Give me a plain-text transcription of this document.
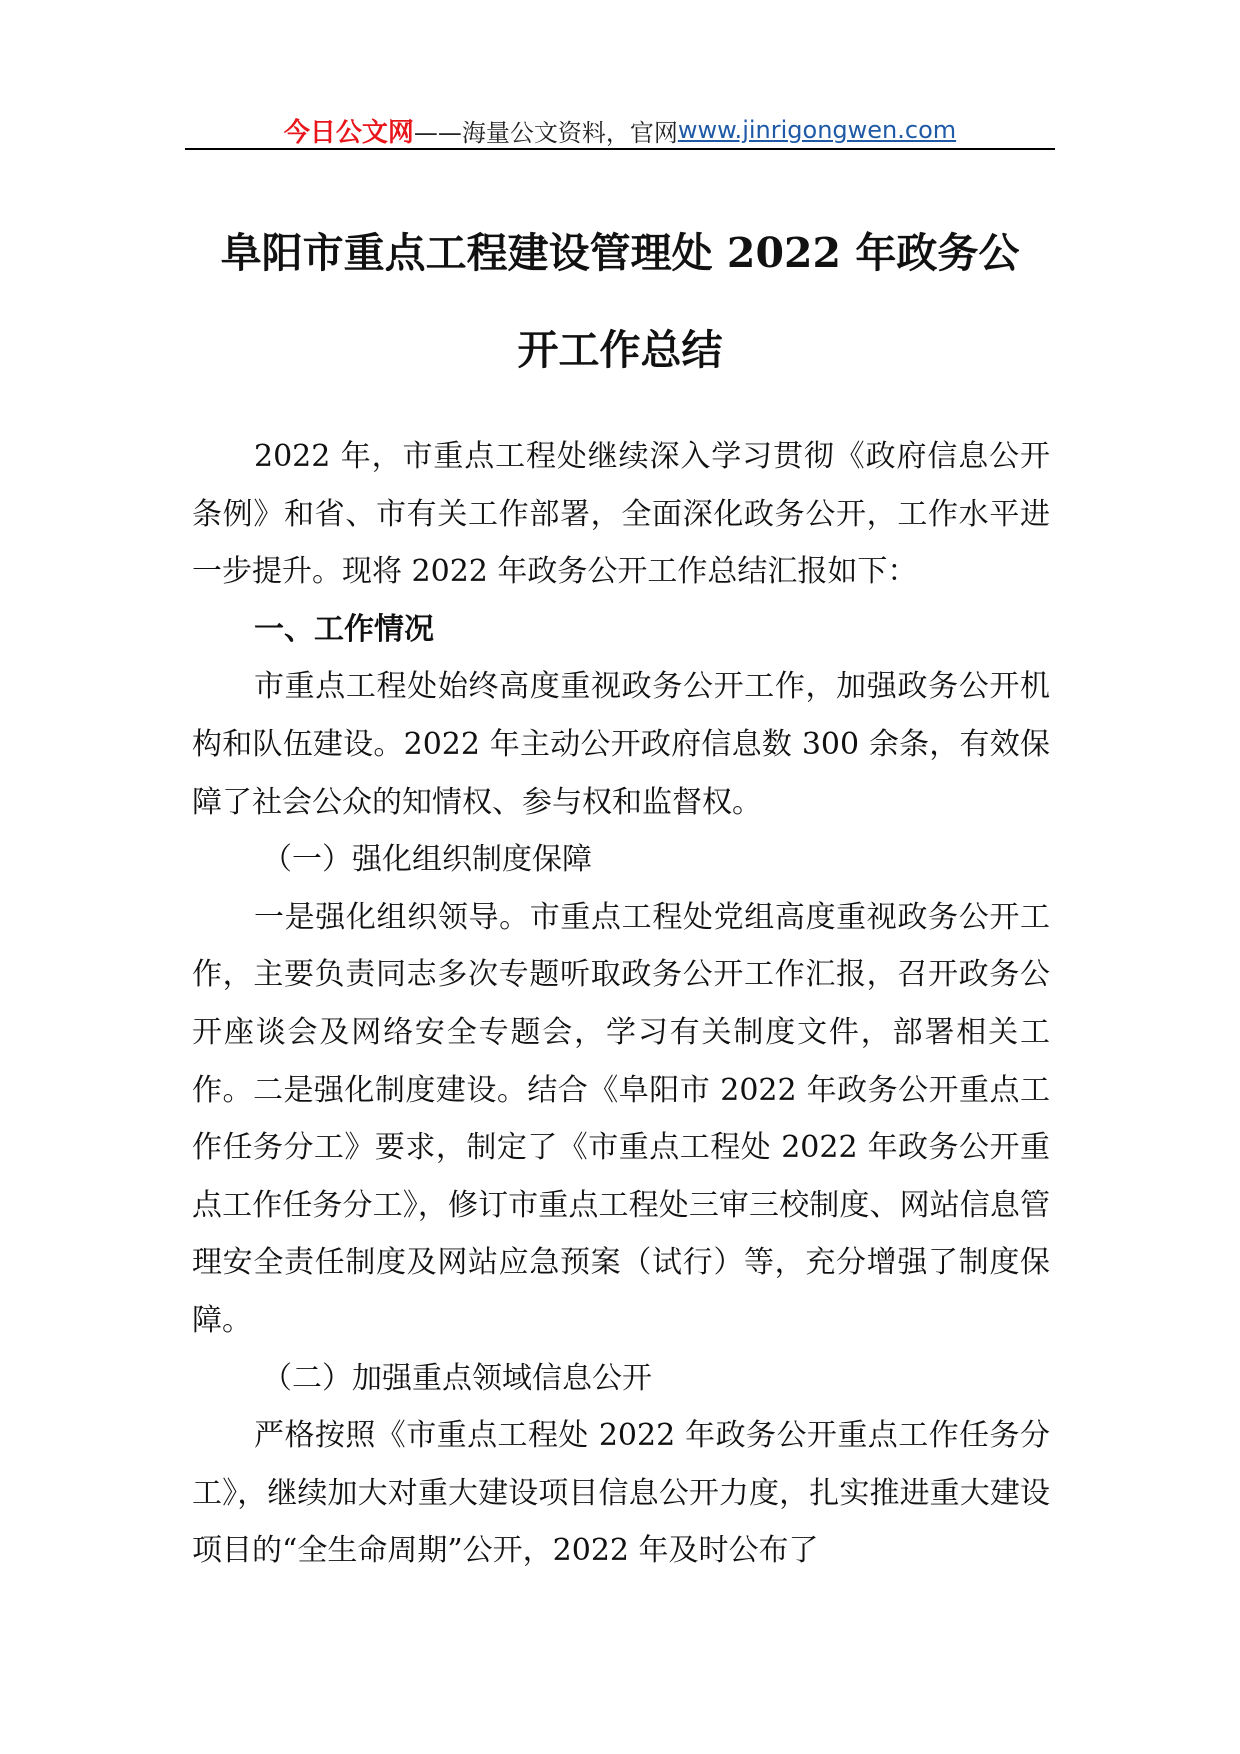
今日公文网 ——海量公文资料，官网 www.jinrigongwen.com
阜阳市重点工程建设管理处 2022 年政务公
开工作总结

2022 年，市重点工程处继续深入学习贯彻《政府信息公开条例》和省、市有关工作部署，全面深化政务公开，工作水平进一步提升。现将 2022 年政务公开工作总结汇报如下：

一、工作情况

市重点工程处始终高度重视政务公开工作，加强政务公开机构和队伍建设。2022 年主动公开政府信息数 300 余条，有效保障了社会公众的知情权、参与权和监督权。

（一）强化组织制度保障

一是强化组织领导。市重点工程处党组高度重视政务公开工作，主要负责同志多次专题听取政务公开工作汇报，召开政务公开座谈会及网络安全专题会，学习有关制度文件，部署相关工作。二是强化制度建设。结合《阜阳市 2022 年政务公开重点工作任务分工》要求，制定了《市重点工程处 2022 年政务公开重点工作任务分工》，修订市重点工程处三审三校制度、网站信息管理安全责任制度及网站应急预案（试行）等，充分增强了制度保障。

（二）加强重点领域信息公开

严格按照《市重点工程处 2022 年政务公开重点工作任务分工》，继续加大对重大建设项目信息公开力度，扎实推进重大建设项目的“全生命周期”公开，2022 年及时公布了
